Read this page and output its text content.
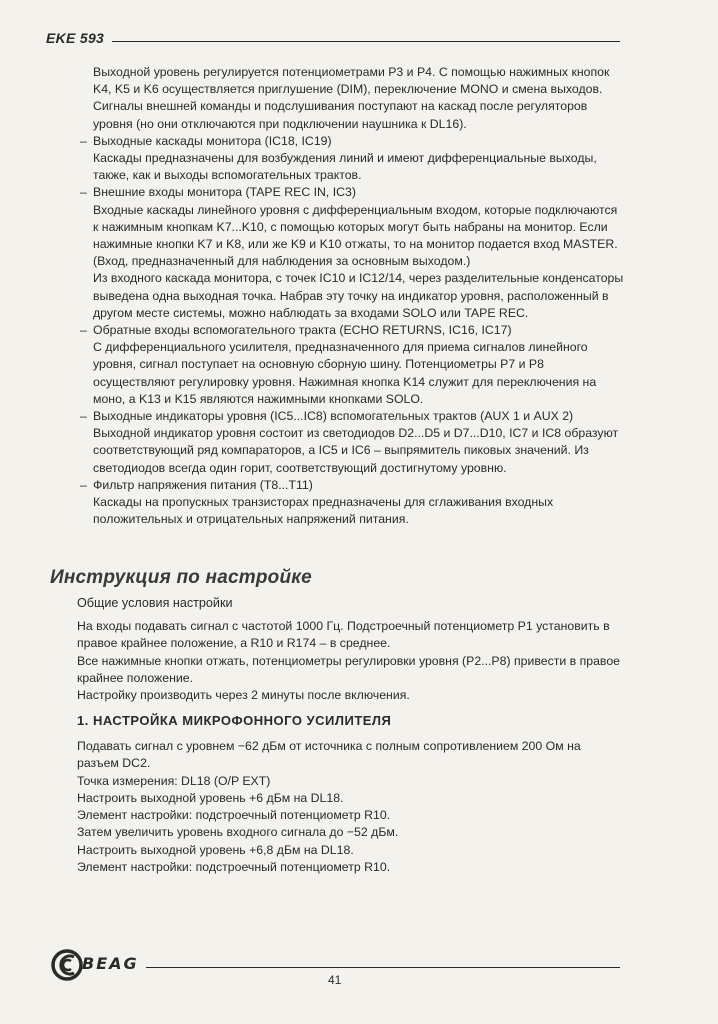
EKE 593

Выходной уровень регулируется потенциометрами P3 и P4. С помощью нажимных кнопок K4, K5 и K6 осуществляется приглушение (DIM), переключение MONO и смена выходов. Сигналы внешней команды и подслушивания поступают на каскад после регуляторов уровня (но они отключаются при подключении наушника к DL16).

– Выходные каскады монитора (IC18, IC19)
Каскады предназначены для возбуждения линий и имеют дифференциальные выходы, также, как и выходы вспомогательных трактов.
– Внешние входы монитора (TAPE REC IN, IC3)
Входные каскады линейного уровня с дифференциальным входом, которые подключаются к нажимным кнопкам K7...K10, с помощью которых могут быть набраны на монитор. Если нажимные кнопки K7 и K8, или же K9 и K10 отжаты, то на монитор подается вход MASTER. (Вход, предназначенный для наблюдения за основным выходом.)
Из входного каскада монитора, с точек IC10 и IC12/14, через разделительные конденсаторы выведена одна выходная точка. Набрав эту точку на индикатор уровня, расположенный в другом месте системы, можно наблюдать за входами SOLO или TAPE REC.
– Обратные входы вспомогательного тракта (ECHO RETURNS, IC16, IC17)
С дифференциального усилителя, предназначенного для приема сигналов линейного уровня, сигнал поступает на основную сборную шину. Потенциометры P7 и P8 осуществляют регулировку уровня. Нажимная кнопка K14 служит для переключения на моно, а K13 и K15 являются нажимными кнопками SOLO.
– Выходные индикаторы уровня (IC5...IC8) вспомогательных трактов (AUX 1 и AUX 2)
Выходной индикатор уровня состоит из светодиодов D2...D5 и D7...D10, IC7 и IC8 образуют соответствующий ряд компараторов, а IC5 и IC6 – выпрямитель пиковых значений. Из светодиодов всегда один горит, соответствующий достигнутому уровню.
– Фильтр напряжения питания (T8...T11)
Каскады на пропускных транзисторах предназначены для сглаживания входных положительных и отрицательных напряжений питания.
Инструкция по настройке
Общие условия настройки

На входы подавать сигнал с частотой 1000 Гц. Подстроечный потенциометр P1 установить в правое крайнее положение, а R10 и R174 – в среднее.

Все нажимные кнопки отжать, потенциометры регулировки уровня (P2...P8) привести в правое крайнее положение.

Настройку производить через 2 минуты после включения.

1. НАСТРОЙКА МИКРОФОННОГО УСИЛИТЕЛЯ

Подавать сигнал с уровнем −62 дБм от источника с полным сопротивлением 200 Ом на разъем DC2.

Точка измерения: DL18 (O/P EXT)

Настроить выходной уровень +6 дБм на DL18.

Элемент настройки: подстроечный потенциометр R10.

Затем увеличить уровень входного сигнала до −52 дБм.

Настроить выходной уровень +6,8 дБм на DL18.

Элемент настройки: подстроечный потенциометр R10.

BEAG
41
